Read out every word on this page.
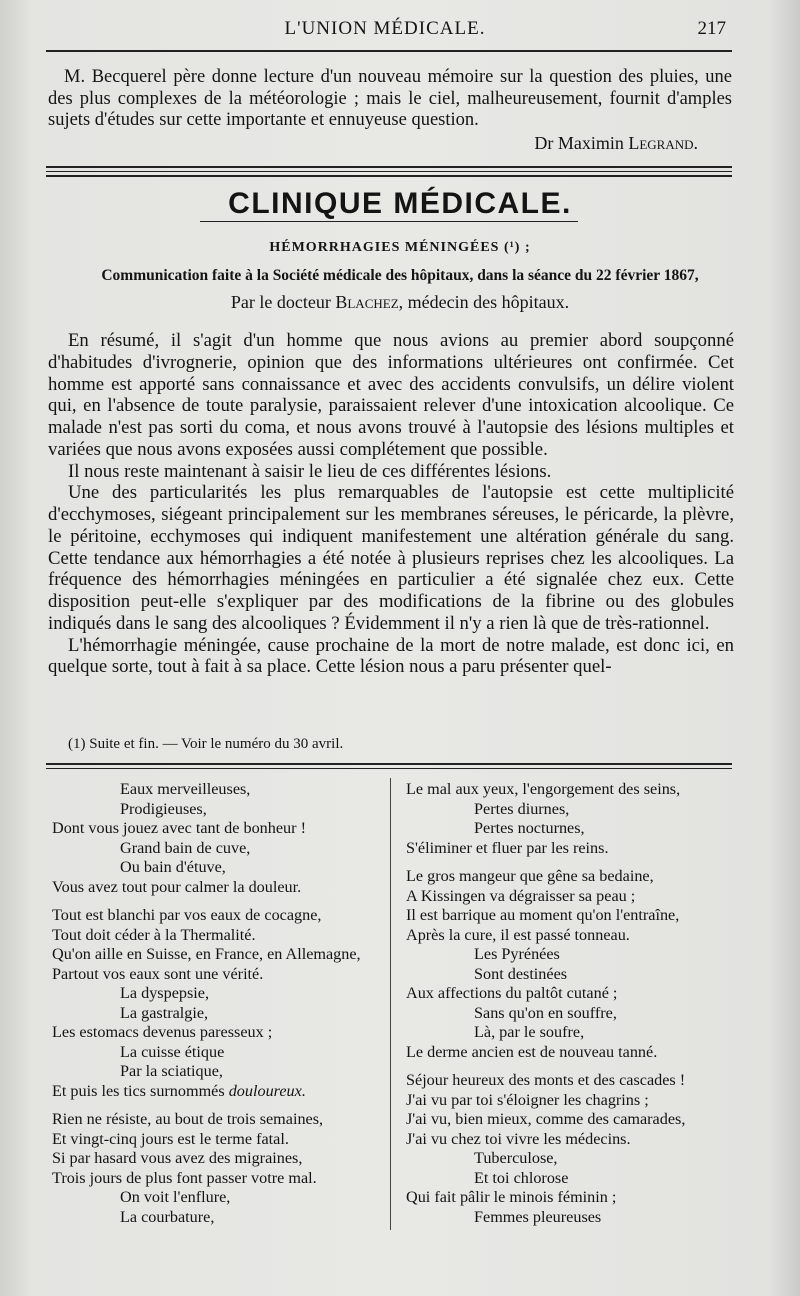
L'UNION MÉDICALE.	217

M. Becquerel père donne lecture d'un nouveau mémoire sur la question des pluies, une des plus complexes de la météorologie ; mais le ciel, malheureusement, fournit d'amples sujets d'études sur cette importante et ennuyeuse question.

Dr Maximin Legrand.
CLINIQUE MÉDICALE.
HÉMORRHAGIES MÉNINGÉES (¹) ;
Communication faite à la Société médicale des hôpitaux, dans la séance du 22 février 1867,
Par le docteur Blachez, médecin des hôpitaux.

En résumé, il s'agit d'un homme que nous avions au premier abord soupçonné d'habitudes d'ivrognerie, opinion que des informations ultérieures ont confirmée. Cet homme est apporté sans connaissance et avec des accidents convulsifs, un délire violent qui, en l'absence de toute paralysie, paraissaient relever d'une intoxication alcoolique. Ce malade n'est pas sorti du coma, et nous avons trouvé à l'autopsie des lésions multiples et variées que nous avons exposées aussi complétement que possible.

Il nous reste maintenant à saisir le lieu de ces différentes lésions.

Une des particularités les plus remarquables de l'autopsie est cette multiplicité d'ecchymoses, siégeant principalement sur les membranes séreuses, le péricarde, la plèvre, le péritoine, ecchymoses qui indiquent manifestement une altération générale du sang. Cette tendance aux hémorrhagies a été notée à plusieurs reprises chez les alcooliques. La fréquence des hémorrhagies méningées en particulier a été signalée chez eux. Cette disposition peut-elle s'expliquer par des modifications de la fibrine ou des globules indiqués dans le sang des alcooliques ? Évidemment il n'y a rien là que de très-rationnel.

L'hémorrhagie méningée, cause prochaine de la mort de notre malade, est donc ici, en quelque sorte, tout à fait à sa place. Cette lésion nous a paru présenter quel-

(1) Suite et fin. — Voir le numéro du 30 avril.
Eaux merveilleuses,
Prodigieuses,
Dont vous jouez avec tant de bonheur !
Grand bain de cuve,
Ou bain d'étuve,
Vous avez tout pour calmer la douleur.
Tout est blanchi par vos eaux de cocagne,
Tout doit céder à la Thermalité.
Qu'on aille en Suisse, en France, en Allemagne,
Partout vos eaux sont une vérité.
La dyspepsie,
La gastralgie,
Les estomacs devenus paresseux ;
La cuisse étique
Par la sciatique,
Et puis les tics surnommés douloureux.
Rien ne résiste, au bout de trois semaines,
Et vingt-cinq jours est le terme fatal.
Si par hasard vous avez des migraines,
Trois jours de plus font passer votre mal.
On voit l'enflure,
La courbature,
Le mal aux yeux, l'engorgement des seins,
Pertes diurnes,
Pertes nocturnes,
S'éliminer et fluer par les reins.
Le gros mangeur que gêne sa bedaine,
A Kissingen va dégraisser sa peau ;
Il est barrique au moment qu'on l'entraîne,
Après la cure, il est passé tonneau.
Les Pyrénées
Sont destinées
Aux affections du paltôt cutané ;
Sans qu'on en souffre,
Là, par le soufre,
Le derme ancien est de nouveau tanné.
Séjour heureux des monts et des cascades !
J'ai vu par toi s'éloigner les chagrins ;
J'ai vu, bien mieux, comme des camarades,
J'ai vu chez toi vivre les médecins.
Tuberculose,
Et toi chlorose
Qui fait pâlir le minois féminin ;
Femmes pleureuses
